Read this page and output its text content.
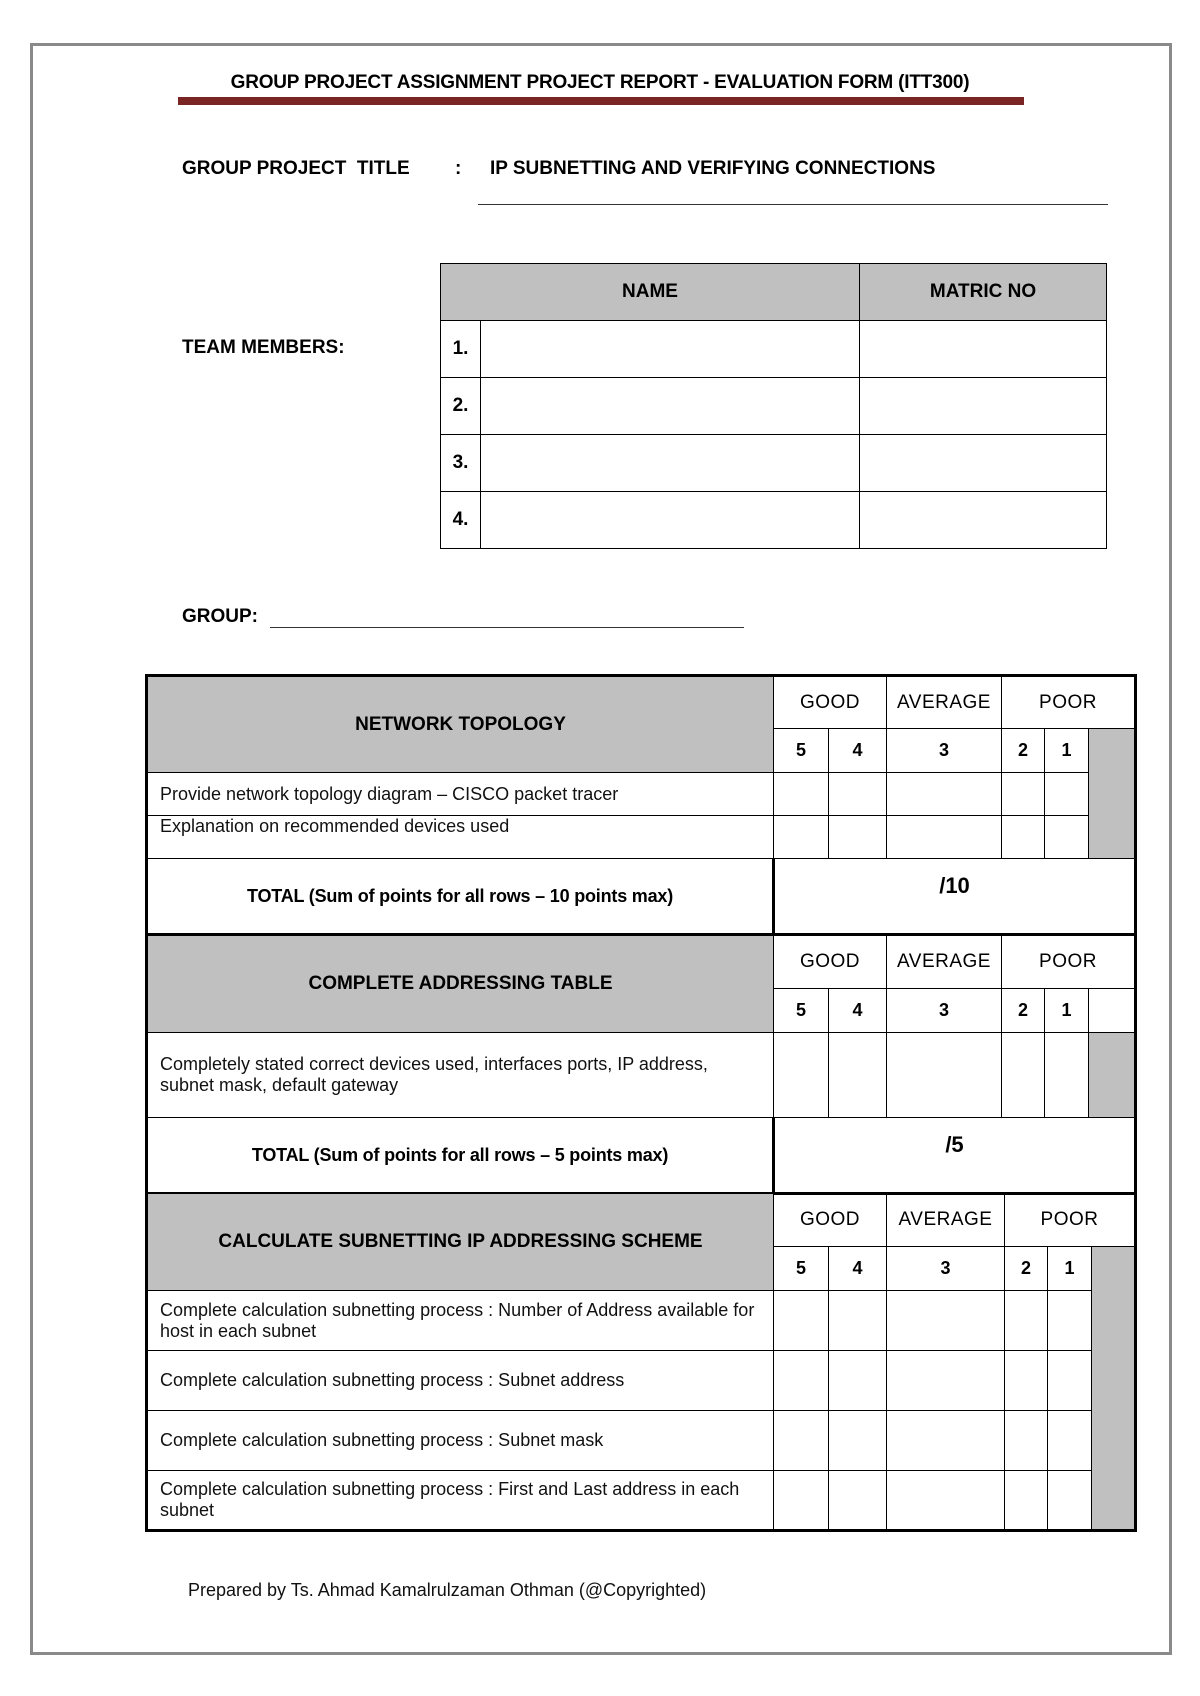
GROUP PROJECT ASSIGNMENT PROJECT REPORT - EVALUATION FORM (ITT300)
GROUP PROJECT  TITLE : IP SUBNETTING AND VERIFYING CONNECTIONS
TEAM MEMBERS:
NAME		MATRIC NO
1.		
2.		
3.		
4.		
GROUP:
NETWORK TOPOLOGY	GOOD		AVERAGE	POOR		
	5	4	3	2	1	
Provide network topology diagram – CISCO packet tracer						
Explanation on recommended devices used						
TOTAL (Sum of points for all rows – 10 points max)	/10					
COMPLETE ADDRESSING TABLE	GOOD		AVERAGE	POOR		
	5	4	3	2	1	
Completely stated correct devices used, interfaces ports, IP address, subnet mask, default gateway						
TOTAL (Sum of points for all rows – 5 points max)	/5					
CALCULATE SUBNETTING IP ADDRESSING SCHEME	GOOD		AVERAGE	POOR		
	5	4	3	2	1	
Complete calculation subnetting process : Number of Address available for host in each subnet						
Complete calculation subnetting process : Subnet address						
Complete calculation subnetting process : Subnet mask						
Complete calculation subnetting process : First and Last address in each subnet						
Prepared by Ts. Ahmad Kamalrulzaman Othman (@Copyrighted)
